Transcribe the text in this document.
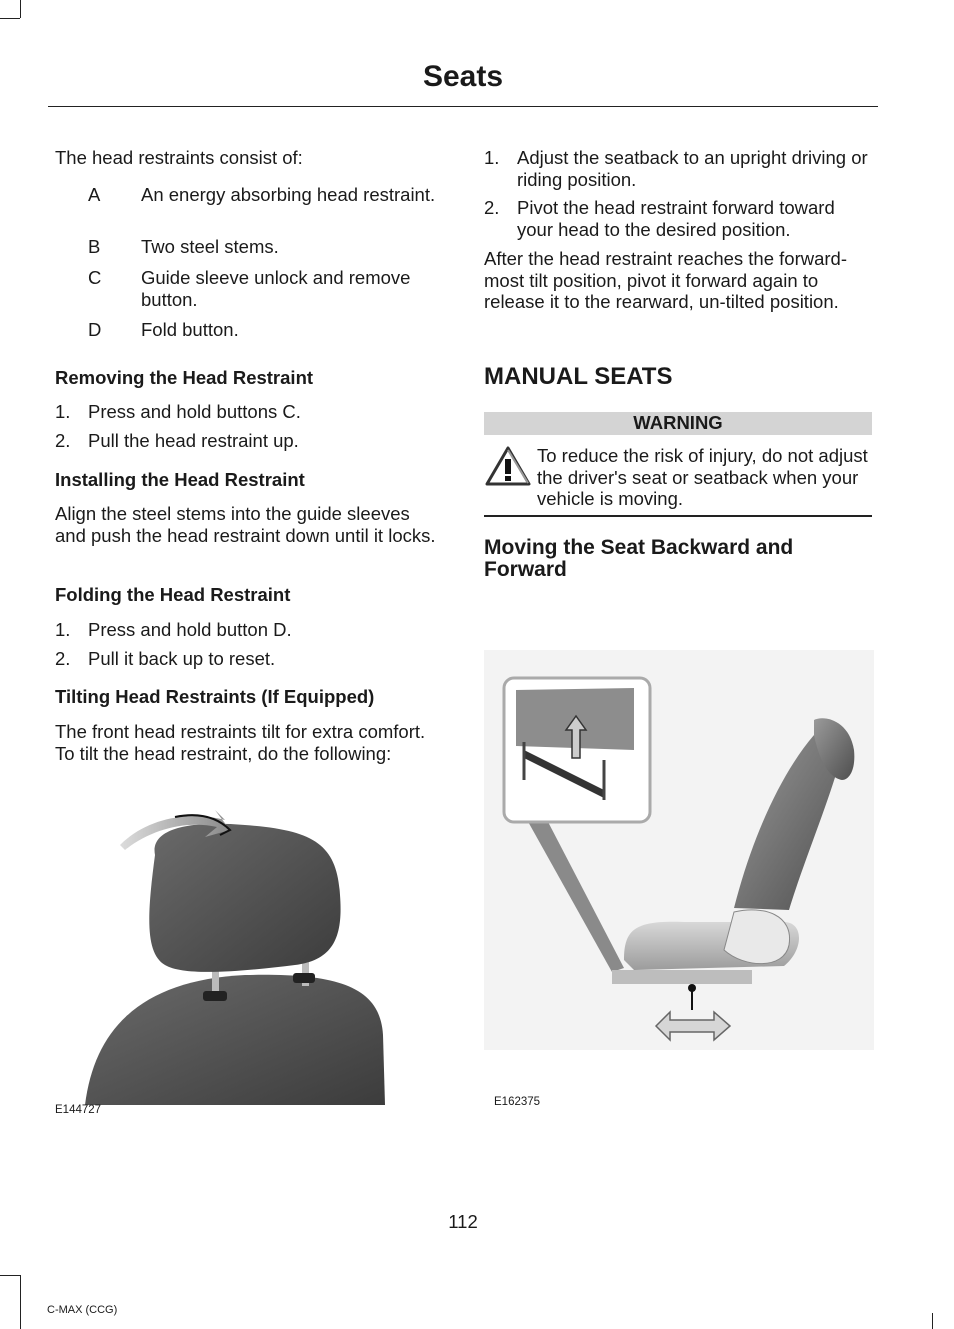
Seats

The head restraints consist of:

A	An energy absorbing head restraint.
B	Two steel stems.
C	Guide sleeve unlock and remove button.
D	Fold button.
Removing the Head Restraint
1. Press and hold buttons C.
2. Pull the head restraint up.
Installing the Head Restraint

Align the steel stems into the guide sleeves and push the head restraint down until it locks.

Folding the Head Restraint
1. Press and hold button D.
2. Pull it back up to reset.
Tilting Head Restraints (If Equipped)

The front head restraints tilt for extra comfort. To tilt the head restraint, do the following:

E144727
1. Adjust the seatback to an upright driving or riding position.
2. Pivot the head restraint forward toward your head to the desired position.

After the head restraint reaches the forward-most tilt position, pivot it forward again to release it to the rearward, un-tilted position.

MANUAL SEATS
WARNING

To reduce the risk of injury, do not adjust the driver's seat or seatback when your vehicle is moving.

Moving the Seat Backward and Forward
E162375
112
C-MAX (CCG)
